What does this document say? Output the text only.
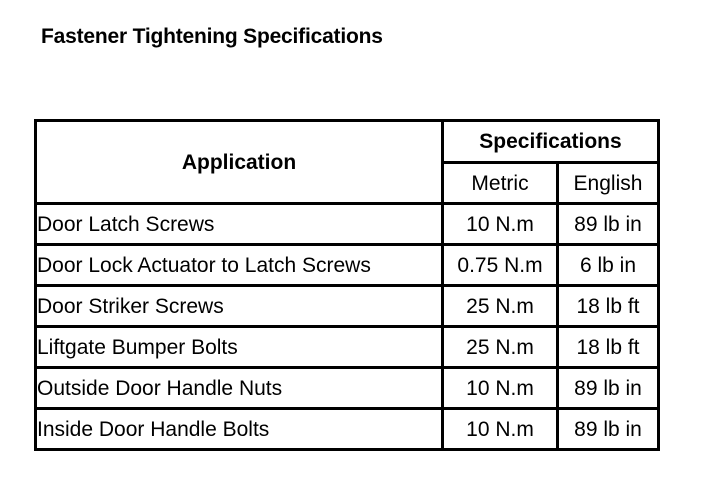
Fastener Tightening Specifications
Application	Specifications	
	Metric	English
Door Latch Screws	10 N.m	89 lb in
Door Lock Actuator to Latch Screws	0.75 N.m	6 lb in
Door Striker Screws	25 N.m	18 lb ft
Liftgate Bumper Bolts	25 N.m	18 lb ft
Outside Door Handle Nuts	10 N.m	89 lb in
Inside Door Handle Bolts	10 N.m	89 lb in
